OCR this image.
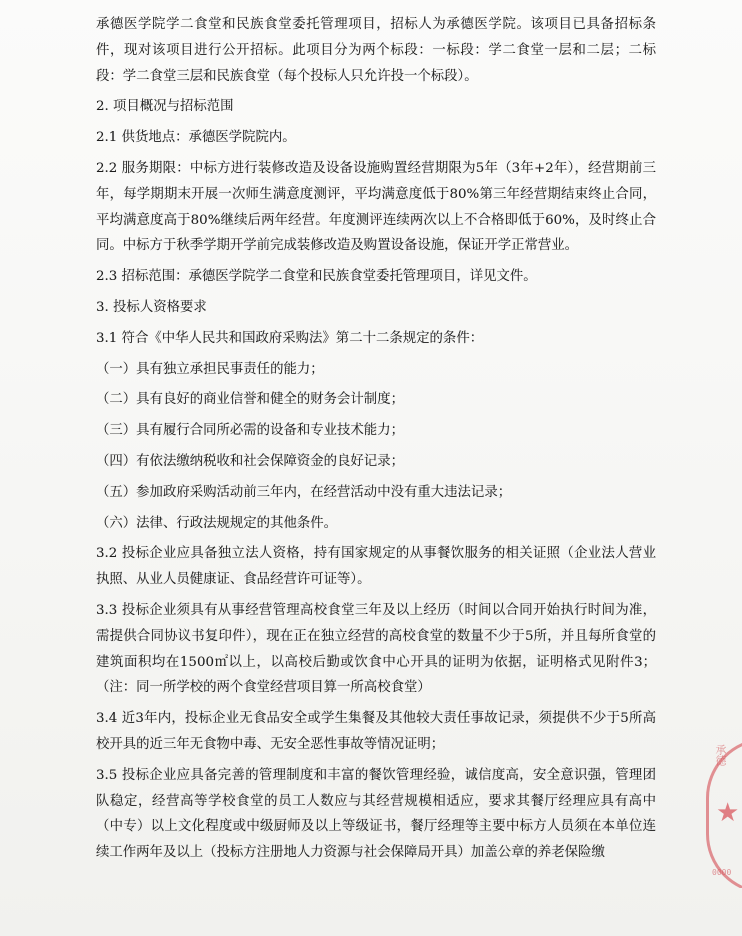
承德医学院学二食堂和民族食堂委托管理项目，招标人为承德医学院。该项目已具备招标条件，现对该项目进行公开招标。此项目分为两个标段：一标段：学二食堂一层和二层；二标段：学二食堂三层和民族食堂（每个投标人只允许投一个标段）。

2. 项目概况与招标范围

2.1 供货地点：承德医学院院内。

2.2 服务期限：中标方进行装修改造及设备设施购置经营期限为5年（3年+2年），经营期前三年，每学期期末开展一次师生满意度测评，平均满意度低于80%第三年经营期结束终止合同，平均满意度高于80%继续后两年经营。年度测评连续两次以上不合格即低于60%，及时终止合同。中标方于秋季学期开学前完成装修改造及购置设备设施，保证开学正常营业。

2.3 招标范围：承德医学院学二食堂和民族食堂委托管理项目，详见文件。

3. 投标人资格要求

3.1 符合《中华人民共和国政府采购法》第二十二条规定的条件：

（一）具有独立承担民事责任的能力；

（二）具有良好的商业信誉和健全的财务会计制度；

（三）具有履行合同所必需的设备和专业技术能力；

（四）有依法缴纳税收和社会保障资金的良好记录；

（五）参加政府采购活动前三年内，在经营活动中没有重大违法记录；

（六）法律、行政法规规定的其他条件。

3.2 投标企业应具备独立法人资格，持有国家规定的从事餐饮服务的相关证照（企业法人营业执照、从业人员健康证、食品经营许可证等）。

3.3 投标企业须具有从事经营管理高校食堂三年及以上经历（时间以合同开始执行时间为准，需提供合同协议书复印件），现在正在独立经营的高校食堂的数量不少于5所，并且每所食堂的建筑面积均在1500㎡以上，以高校后勤或饮食中心开具的证明为依据，证明格式见附件3；（注：同一所学校的两个食堂经营项目算一所高校食堂）

3.4 近3年内，投标企业无食品安全或学生集餐及其他较大责任事故记录，须提供不少于5所高校开具的近三年无食物中毒、无安全恶性事故等情况证明；

3.5 投标企业应具备完善的管理制度和丰富的餐饮管理经验，诚信度高，安全意识强，管理团队稳定，经营高等学校食堂的员工人数应与其经营规模相适应，要求其餐厅经理应具有高中（中专）以上文化程度或中级厨师及以上等级证书，餐厅经理等主要中标方人员须在本单位连续工作两年及以上（投标方注册地人力资源与社会保障局开具）加盖公章的养老保险缴

承德
★
0000
